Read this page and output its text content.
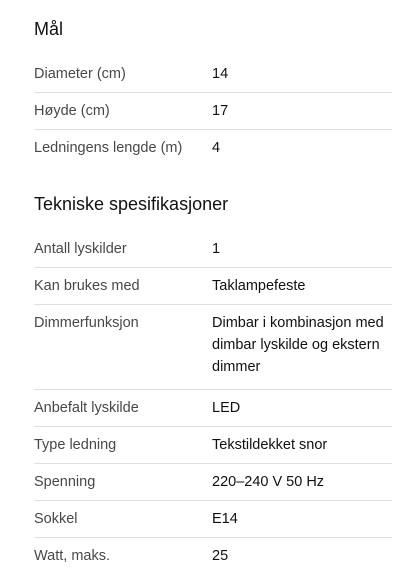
Mål
Diameter (cm)	14
Høyde (cm)	17
Ledningens lengde (m)	4
Tekniske spesifikasjoner
Antall lyskilder	1
Kan brukes med	Taklampefeste
Dimmerfunksjon	Dimbar i kombinasjon med dimbar lyskilde og ekstern dimmer
Anbefalt lyskilde	LED
Type ledning	Tekstildekket snor
Spenning	220–240 V 50 Hz
Sokkel	E14
Watt, maks.	25
